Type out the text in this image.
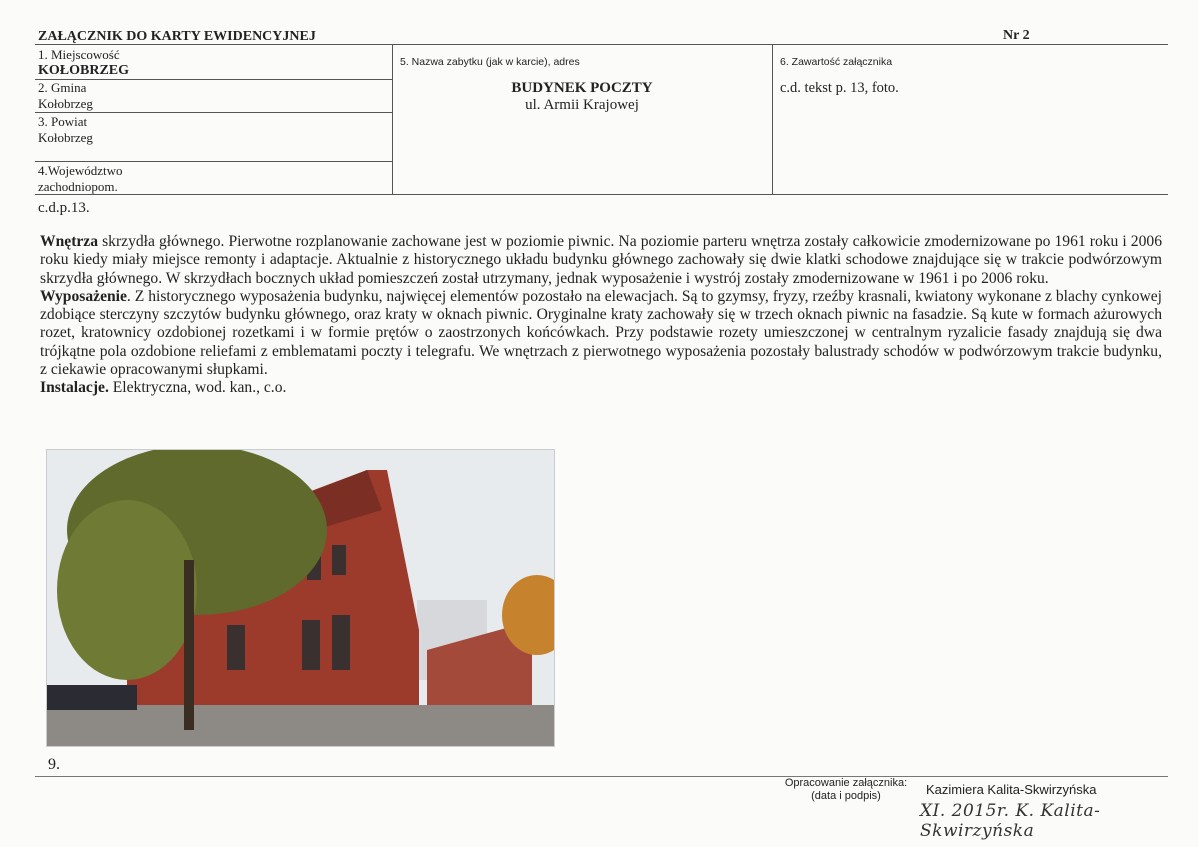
ZAŁĄCZNIK DO KARTY EWIDENCYJNEJ	Nr 2
1. Miejscowość
KOŁOBRZEG
2. Gmina
Kołobrzeg
3. Powiat
Kołobrzeg
4.Województwo
zachodniopom.
5. Nazwa zabytku (jak w karcie), adres
BUDYNEK POCZTY
ul. Armii Krajowej
6. Zawartość załącznika
c.d. tekst p. 13, foto.
c.d.p.13.

Wnętrza skrzydła głównego. Pierwotne rozplanowanie zachowane jest w poziomie piwnic. Na poziomie parteru wnętrza zostały całkowicie zmodernizowane po 1961 roku i 2006 roku kiedy miały miejsce remonty i adaptacje. Aktualnie z historycznego układu budynku głównego zachowały się dwie klatki schodowe znajdujące się w trakcie podwórzowym skrzydła głównego. W skrzydłach bocznych układ pomieszczeń został utrzymany, jednak wyposażenie i wystrój zostały zmodernizowane w 1961 i po 2006 roku.

Wyposażenie. Z historycznego wyposażenia budynku, najwięcej elementów pozostało na elewacjach. Są to gzymsy, fryzy, rzeźby krasnali, kwiatony wykonane z blachy cynkowej zdobiące sterczyny szczytów budynku głównego, oraz kraty w oknach piwnic. Oryginalne kraty zachowały się w trzech oknach piwnic na fasadzie. Są kute w formach ażurowych rozet, kratownicy ozdobionej rozetkami i w formie prętów o zaostrzonych końcówkach. Przy podstawie rozety umieszczonej w centralnym ryzalicie fasady znajdują się dwa trójkątne pola ozdobione reliefami z emblematami poczty i telegrafu. We wnętrzach z pierwotnego wyposażenia pozostały balustrady schodów w podwórzowym trakcie budynku, z ciekawie opracowanymi słupkami.

Instalacje. Elektryczna, wod. kan., c.o.

9.
Opracowanie załącznika:
(data i podpis)	Kazimiera Kalita-Skwirzyńska
XI. 2015r. K. Kalita-Skwirzyńska
